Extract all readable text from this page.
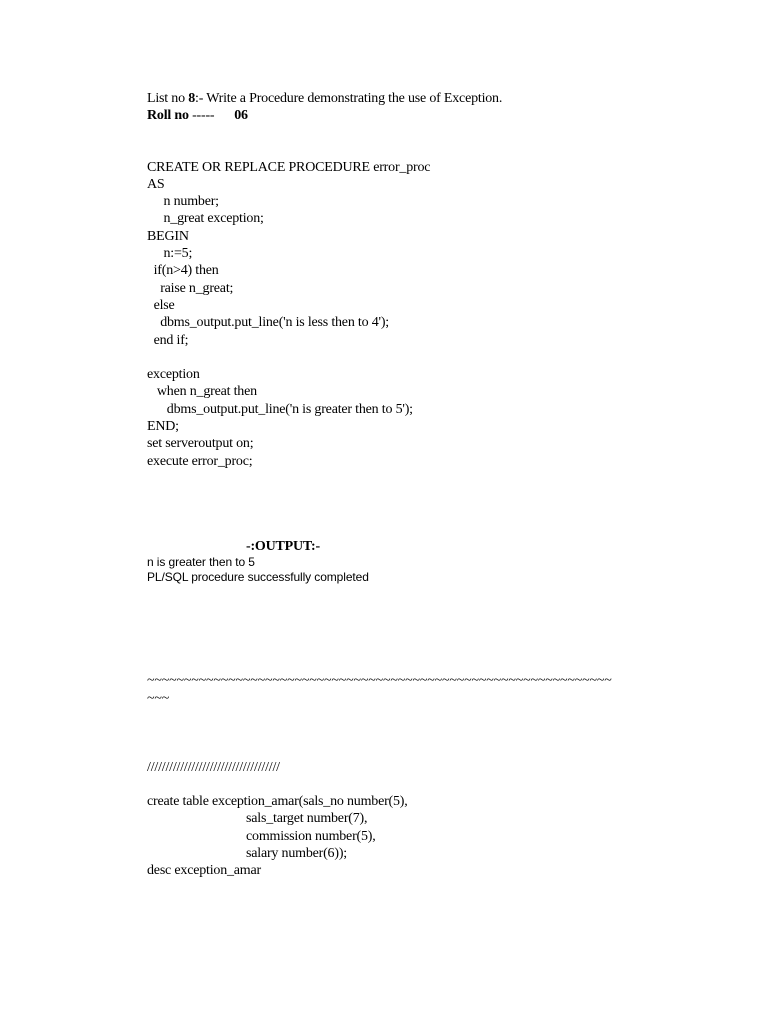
List no 8:- Write a Procedure demonstrating the use of Exception.
Roll no -----      06
CREATE OR REPLACE PROCEDURE error_proc
AS
n number;
n_great exception;
BEGIN
n:=5;
if(n>4) then
raise n_great;
else
dbms_output.put_line('n is less then to 4');
end if;
exception
when n_great then
dbms_output.put_line('n is greater then to 5');
END;
set serveroutput on;
execute error_proc;
-:OUTPUT:-
n is greater then to 5
PL/SQL procedure successfully completed
~~~~~~~~~~~~~~~~~~~~~~~~~~~~~~~~~~~~~~~~~~~~~~~~~~~~~~~~~~~~~~~
~~~
////////////////////////////////////
create table exception_amar(sals_no number(5),
sals_target number(7),
commission number(5),
salary number(6));
desc exception_amar
